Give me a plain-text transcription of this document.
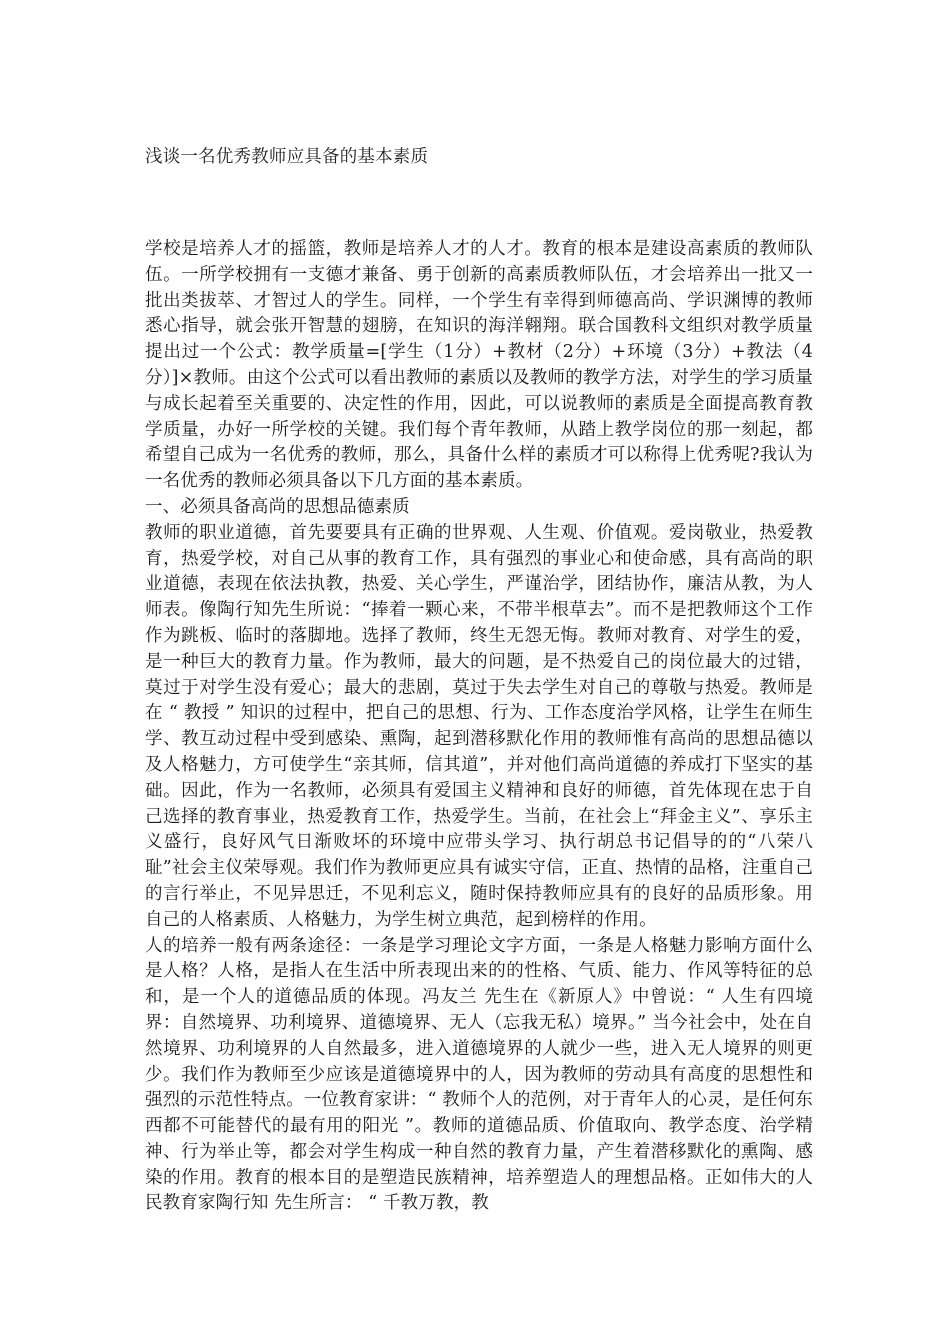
浅谈一名优秀教师应具备的基本素质

学校是培养人才的摇篮，教师是培养人才的人才。教育的根本是建设高素质的教师队伍。一所学校拥有一支德才兼备、勇于创新的高素质教师队伍，才会培养出一批又一批出类拔萃、才智过人的学生。同样，一个学生有幸得到师德高尚、学识渊博的教师悉心指导，就会张开智慧的翅膀，在知识的海洋翱翔。联合国教科文组织对教学质量提出过一个公式：教学质量=[学生（1分）+教材（2分）+环境（3分）+教法（4分）]×教师。由这个公式可以看出教师的素质以及教师的教学方法，对学生的学习质量与成长起着至关重要的、决定性的作用，因此，可以说教师的素质是全面提高教育教学质量，办好一所学校的关键。我们每个青年教师，从踏上教学岗位的那一刻起，都希望自己成为一名优秀的教师，那么，具备什么样的素质才可以称得上优秀呢?我认为一名优秀的教师必须具备以下几方面的基本素质。

一、必须具备高尚的思想品德素质

教师的职业道德，首先要要具有正确的世界观、人生观、价值观。爱岗敬业，热爱教育，热爱学校，对自己从事的教育工作，具有强烈的事业心和使命感，具有高尚的职业道德，表现在依法执教，热爱、关心学生，严谨治学，团结协作，廉洁从教，为人师表。像陶行知先生所说：“捧着一颗心来，不带半根草去”。而不是把教师这个工作作为跳板、临时的落脚地。选择了教师，终生无怨无悔。教师对教育、对学生的爱，是一种巨大的教育力量。作为教师，最大的问题，是不热爱自己的岗位最大的过错，莫过于对学生没有爱心；最大的悲剧，莫过于失去学生对自己的尊敬与热爱。教师是在 “ 教授 ” 知识的过程中，把自己的思想、行为、工作态度治学风格，让学生在师生学、教互动过程中受到感染、熏陶，起到潜移默化作用的教师惟有高尚的思想品德以及人格魅力，方可使学生“亲其师，信其道”，并对他们高尚道德的养成打下坚实的基础。因此，作为一名教师，必须具有爱国主义精神和良好的师德，首先体现在忠于自己选择的教育事业，热爱教育工作，热爱学生。当前，在社会上“拜金主义”、享乐主义盛行，良好风气日渐败坏的环境中应带头学习、执行胡总书记倡导的的“八荣八耻”社会主仪荣辱观。我们作为教师更应具有诚实守信，正直、热情的品格，注重自己的言行举止，不见异思迁，不见利忘义，随时保持教师应具有的良好的品质形象。用自己的人格素质、人格魅力，为学生树立典范，起到榜样的作用。

人的培养一般有两条途径：一条是学习理论文字方面，一条是人格魅力影响方面什么是人格？人格，是指人在生活中所表现出来的的性格、气质、能力、作风等特征的总和，是一个人的道德品质的体现。冯友兰 先生在《新原人》中曾说：“ 人生有四境界：自然境界、功利境界、道德境界、无人（忘我无私）境界。” 当今社会中，处在自然境界、功利境界的人自然最多，进入道德境界的人就少一些，进入无人境界的则更少。我们作为教师至少应该是道德境界中的人，因为教师的劳动具有高度的思想性和强烈的示范性特点。一位教育家讲：“ 教师个人的范例，对于青年人的心灵，是任何东西都不可能替代的最有用的阳光 ”。教师的道德品质、价值取向、教学态度、治学精神、行为举止等，都会对学生构成一种自然的教育力量，产生着潜移默化的熏陶、感染的作用。教育的根本目的是塑造民族精神，培养塑造人的理想品格。正如伟大的人民教育家陶行知 先生所言： “ 千教万教，教
